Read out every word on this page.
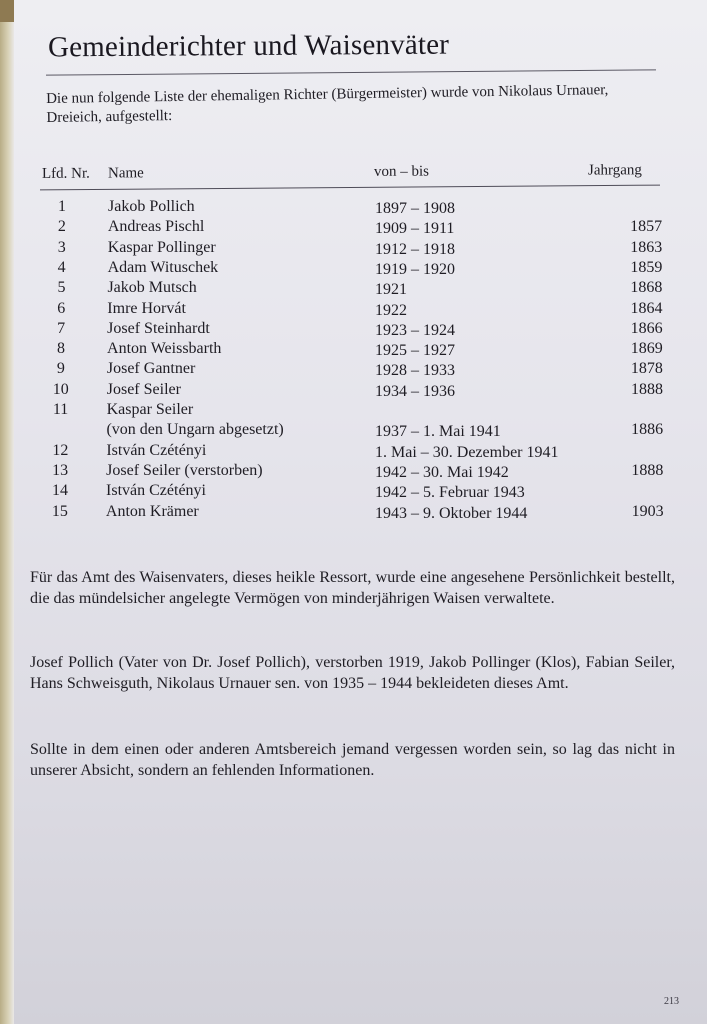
Gemeinderichter und Waisenväter
Die nun folgende Liste der ehemaligen Richter (Bürgermeister) wurde von Nikolaus Urnauer, Dreieich, aufgestellt:
Lfd. Nr. Name	von – bis	Jahrgang
1	Jakob Pollich	1897 – 1908
2	Andreas Pischl	1909 – 1911	1857
3	Kaspar Pollinger	1912 – 1918	1863
4	Adam Wituschek	1919 – 1920	1859
5	Jakob Mutsch	1921	1868
6	Imre Horvát	1922	1864
7	Josef Steinhardt	1923 – 1924	1866
8	Anton Weissbarth	1925 – 1927	1869
9	Josef Gantner	1928 – 1933	1878
10	Josef Seiler	1934 – 1936	1888
11	Kaspar Seiler
(von den Ungarn abgesetzt)	1937 – 1. Mai 1941	1886
12	István Czétényi	1. Mai – 30. Dezember 1941
13	Josef Seiler (verstorben)	1942 – 30. Mai 1942	1888
14	István Czétényi	1942 – 5. Februar 1943
15	Anton Krämer	1943 – 9. Oktober 1944	1903
Für das Amt des Waisenvaters, dieses heikle Ressort, wurde eine angesehene Persönlichkeit bestellt, die das mündelsicher angelegte Vermögen von minderjährigen Waisen verwaltete.
Josef Pollich (Vater von Dr. Josef Pollich), verstorben 1919, Jakob Pollinger (Klos), Fabian Seiler, Hans Schweisguth, Nikolaus Urnauer sen. von 1935 – 1944 bekleideten dieses Amt.
Sollte in dem einen oder anderen Amtsbereich jemand vergessen worden sein, so lag das nicht in unserer Absicht, sondern an fehlenden Informationen.
213
